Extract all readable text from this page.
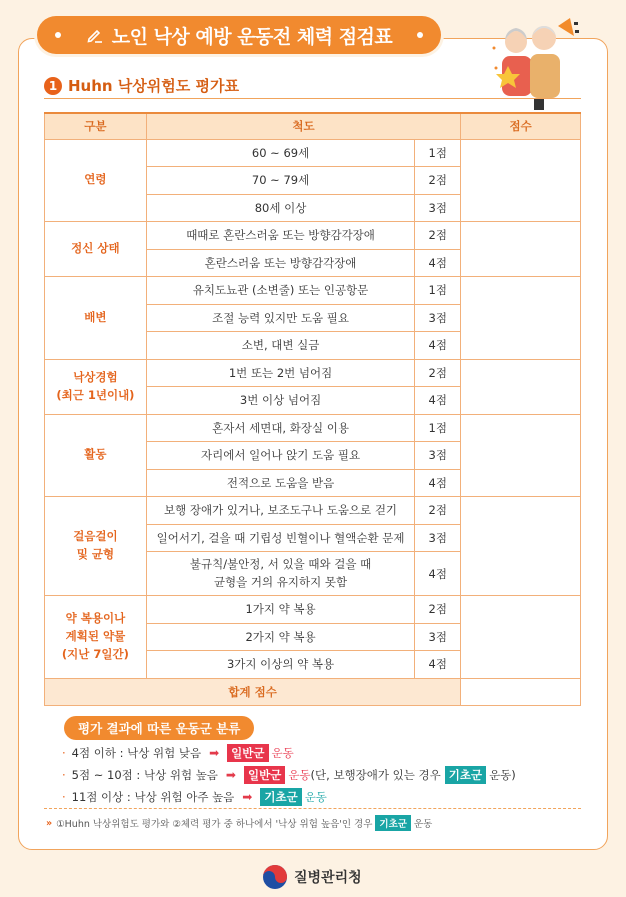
노인 낙상 예방 운동전 체력 점검표
1 Huhn 낙상위험도 평가표
구분	척도		점수
연령	60 ~ 69세	1점	
	70 ~ 79세	2점	
	80세 이상	3점	
정신 상태	때때로 혼란스러움 또는 방향감각장애	2점	
	혼란스러움 또는 방향감각장애	4점	
배변	유치도뇨관 (소변줄) 또는 인공항문	1점	
	조절 능력 있지만 도움 필요	3점	
	소변, 대변 실금	4점	
낙상경험
(최근 1년이내)	1번 또는 2번 넘어짐	2점	
	3번 이상 넘어짐	4점	
활동	혼자서 세면대, 화장실 이용	1점	
	자리에서 일어나 앉기 도움 필요	3점	
	전적으로 도움을 받음	4점	
걸음걸이
및 균형	보행 장애가 있거나, 보조도구나 도움으로 걷기	2점	
	일어서기, 걸을 때 기립성 빈혈이나 혈액순환 문제	3점	
	불규칙/불안정, 서 있을 때와 걸을 때
균형을 거의 유지하지 못함	4점	
약 복용이나
계획된 약물
(지난 7일간)	1가지 약 복용	2점	
	2가지 약 복용	3점	
	3가지 이상의 약 복용	4점	
합계 점수			
평가 결과에 따른 운동군 분류
· 4점 이하 : 낙상 위험 낮음 ➡	일반군 운동
· 5점 ~ 10점 : 낙상 위험 높음 ➡	일반군 운동 (단, 보행장애가 있는 경우 기초군 운동)
· 11점 이상 : 낙상 위험 아주 높음 ➡	기초군 운동
» ①Huhn 낙상위험도 평가와 ②체력 평가 중 하나에서 '낙상 위험 높음'인 경우 기초군 운동
질병관리청
